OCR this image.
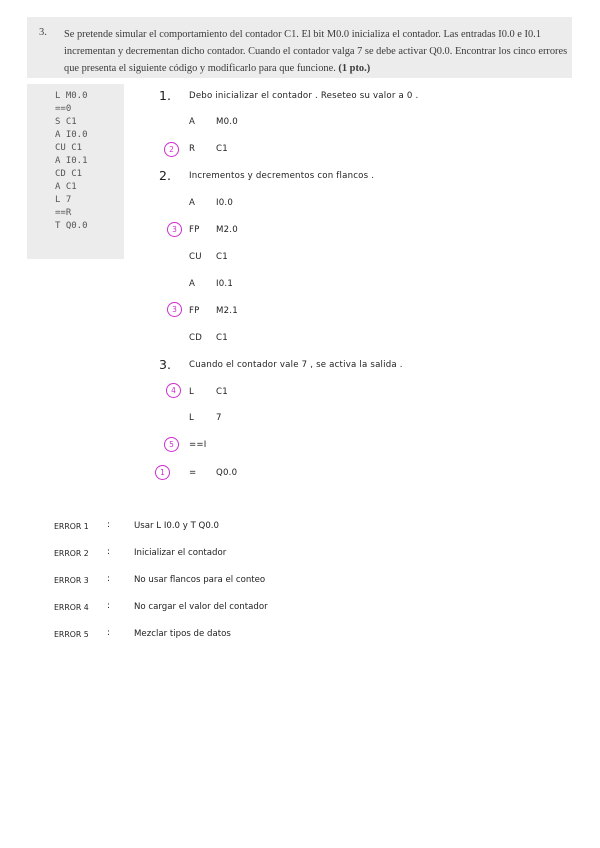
3. Se pretende simular el comportamiento del contador C1. El bit M0.0 inicializa el contador. Las entradas I0.0 e I0.1 incrementan y decrementan dicho contador. Cuando el contador valga 7 se debe activar Q0.0. Encontrar los cinco errores que presenta el siguiente código y modificarlo para que funcione. (1 pto.)
L M0.0
==0
S C1
A I0.0
CU C1
A I0.1
CD C1
A C1
L 7
==R
T Q0.0
1. Debo inicializar el contador . Reseteo su valor a 0 .
A M0.0
2	R C1
2. Incrementos y decrementos con flancos .
A I0.0
3	FP M2.0
CU C1
A I0.1
3	FP M2.1
CD C1
3. Cuando el contador vale 7 , se activa la salida .
4	L	C1
L	7
5	==I
1	= Q0.0
ERROR 1 :	Usar L I0.0 y T Q0.0
ERROR 2 :	Inicializar el contador
ERROR 3 :	No usar flancos para el conteo
ERROR 4 :	No cargar el valor del contador
ERROR 5 :	Mezclar tipos de datos
